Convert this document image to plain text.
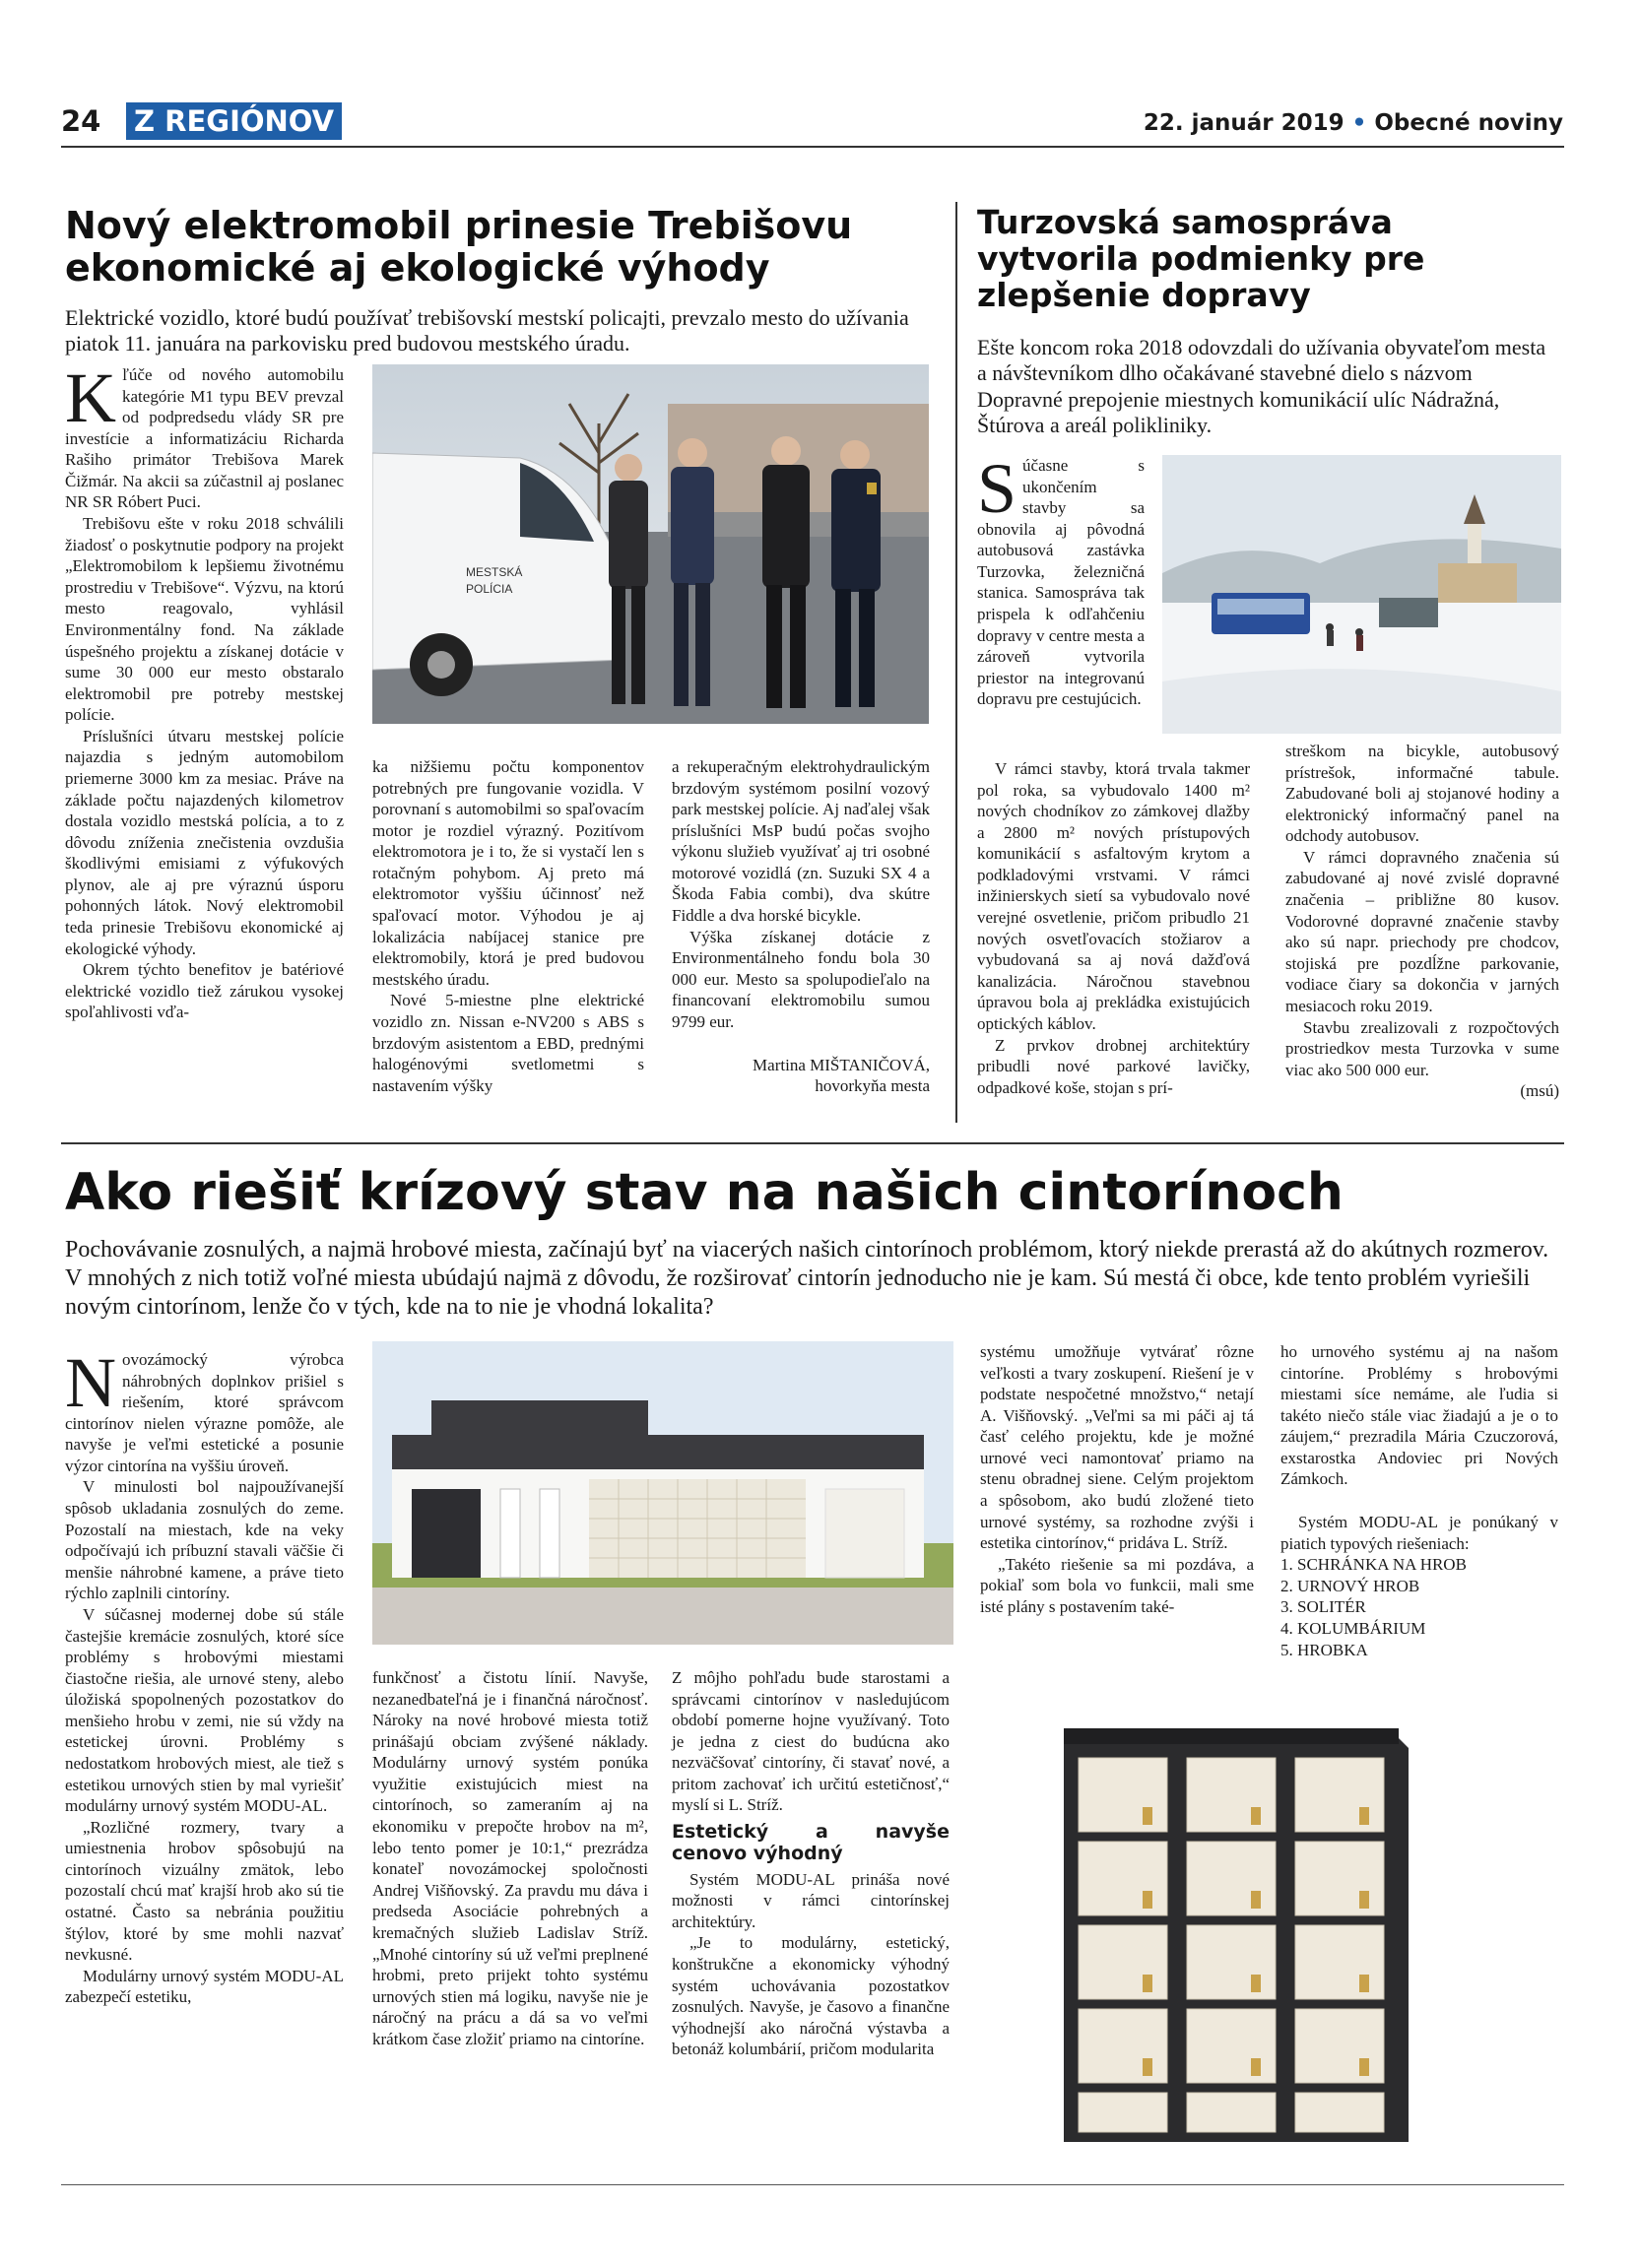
24 Z REGIÓNOV	22. január 2019 • Obecné noviny
Nový elektromobil prinesie Trebišovu ekonomické aj ekologické výhody
Elektrické vozidlo, ktoré budú používať trebišovskí mestskí policajti, prevzalo mesto do užívania piatok 11. januára na parkovisku pred budovou mestského úradu.

Kľúče od nového automobilu kategórie M1 typu BEV prevzal od podpredsedu vlády SR pre investície a informatizáciu Richarda Rašiho primátor Trebišova Marek Čižmár. Na akcii sa zúčastnil aj poslanec NR SR Róbert Puci.

Trebišovu ešte v roku 2018 schválili žiadosť o poskytnutie podpory na projekt „Elektromobilom k lepšiemu životnému prostrediu v Trebišove“. Výzvu, na ktorú mesto reagovalo, vyhlásil Environmentálny fond. Na základe úspešného projektu a získanej dotácie v sume 30 000 eur mesto obstaralo elektromobil pre potreby mestskej polície.

Príslušníci útvaru mestskej polície najazdia s jedným automobilom priemerne 3000 km za mesiac. Práve na základe počtu najazdených kilometrov dostala vozidlo mestská polícia, a to z dôvodu zníženia znečistenia ovzdušia škodlivými emisiami z výfukových plynov, ale aj pre výraznú úsporu pohonných látok. Nový elektromobil teda prinesie Trebišovu ekonomické aj ekologické výhody.

Okrem týchto benefitov je batériové elektrické vozidlo tiež zárukou vysokej spoľahlivosti vďa-

MESTSKÁ
POLÍCIA

ka nižšiemu počtu komponentov potrebných pre fungovanie vozidla. V porovnaní s automobilmi so spaľovacím motor je rozdiel výrazný. Pozitívom elektromotora je i to, že si vystačí len s rotačným pohybom. Aj preto má elektromotor vyššiu účinnosť než spaľovací motor. Výhodou je aj lokalizácia nabíjacej stanice pre elektromobily, ktorá je pred budovou mestského úradu.

Nové 5-miestne plne elektrické vozidlo zn. Nissan e-NV200 s ABS s brzdovým asistentom a EBD, prednými halogénovými svetlometmi s nastavením výšky

a rekuperačným elektrohydraulickým brzdovým systémom posilní vozový park mestskej polície. Aj naďalej však príslušníci MsP budú počas svojho výkonu služieb využívať aj tri osobné motorové vozidlá (zn. Suzuki SX 4 a Škoda Fabia combi), dva skútre Fiddle a dva horské bicykle.

Výška získanej dotácie z Environmentálneho fondu bola 30 000 eur. Mesto sa spolupodieľalo na financovaní elektromobilu sumou 9799 eur.

Martina MIŠTANIČOVÁ,

hovorkyňa mesta

Turzovská samospráva vytvorila podmienky pre zlepšenie dopravy
Ešte koncom roka 2018 odovzdali do užívania obyvateľom mesta a návštevníkom dlho očakávané stavebné dielo s názvom Dopravné prepojenie miestnych komunikácií ulíc Nádražná, Štúrova a areál polikliniky.

Súčasne s ukončením stavby sa obnovila aj pôvodná autobusová zastávka Turzovka, železničná stanica. Samospráva tak prispela k odľahčeniu dopravy v centre mesta a zároveň vytvorila priestor na integrovanú dopravu pre cestujúcich.

V rámci stavby, ktorá trvala takmer pol roka, sa vybudovalo 1400 m² nových chodníkov zo zámkovej dlažby a 2800 m² nových prístupových komunikácií s asfaltovým krytom a podkladovými vrstvami. V rámci inžinierskych sietí sa vybudovalo nové verejné osvetlenie, pričom pribudlo 21 nových osvetľovacích stožiarov a vybudovaná sa aj nová dažďová kanalizácia. Náročnou stavebnou úpravou bola aj prekládka existujúcich optických káblov.

Z prvkov drobnej architektúry pribudli nové parkové lavičky, odpadkové koše, stojan s prí-

streškom na bicykle, autobusový prístrešok, informačné tabule. Zabudované boli aj stojanové hodiny a elektronický informačný panel na odchody autobusov.

V rámci dopravného značenia sú zabudované aj nové zvislé dopravné značenia – približne 80 kusov. Vodorovné dopravné značenie stavby ako sú napr. priechody pre chodcov, stojiská pre pozdĺžne parkovanie, vodiace čiary sa dokončia v jarných mesiacoch roku 2019.

Stavbu zrealizovali z rozpočtových prostriedkov mesta Turzovka v sume viac ako 500 000 eur.

(msú)

Ako riešiť krízový stav na našich cintorínoch
Pochovávanie zosnulých, a najmä hrobové miesta, začínajú byť na viacerých našich cintorínoch problémom, ktorý niekde prerastá až do akútnych rozmerov. V mnohých z nich totiž voľné miesta ubúdajú najmä z dôvodu, že rozširovať cintorín jednoducho nie je kam. Sú mestá či obce, kde tento problém vyriešili novým cintorínom, lenže čo v tých, kde na to nie je vhodná lokalita?

Novozámocký výrobca náhrobných doplnkov prišiel s riešením, ktoré správcom cintorínov nielen výrazne pomôže, ale navyše je veľmi estetické a posunie výzor cintorína na vyššiu úroveň.

V minulosti bol najpoužívanejší spôsob ukladania zosnulých do zeme. Pozostalí na miestach, kde na veky odpočívajú ich príbuzní stavali väčšie či menšie náhrobné kamene, a práve tieto rýchlo zaplnili cintoríny.

V súčasnej modernej dobe sú stále častejšie kremácie zosnulých, ktoré síce problémy s hrobovými miestami čiastočne riešia, ale urnové steny, alebo úložiská spopolnených pozostatkov do menšieho hrobu v zemi, nie sú vždy na estetickej úrovni. Problémy s nedostatkom hrobových miest, ale tiež s estetikou urnových stien by mal vyriešiť modulárny urnový systém MODU-AL.

„Rozličné rozmery, tvary a umiestnenia hrobov spôsobujú na cintorínoch vizuálny zmätok, lebo pozostalí chcú mať krajší hrob ako sú tie ostatné. Často sa nebránia použitiu štýlov, ktoré by sme mohli nazvať nevkusné.

Modulárny urnový systém MODU-AL zabezpečí estetiku,

funkčnosť a čistotu línií. Navyše, nezanedbateľná je i finančná náročnosť. Nároky na nové hrobové miesta totiž prinášajú obciam zvýšené náklady. Modulárny urnový systém ponúka využitie existujúcich miest na cintorínoch, so zameraním aj na ekonomiku v prepočte hrobov na m², lebo tento pomer je 10:1,“ prezrádza konateľ novozámockej spoločnosti Andrej Višňovský. Za pravdu mu dáva i predseda Asociácie pohrebných a kremačných služieb Ladislav Stríž. „Mnohé cintoríny sú už veľmi preplnené hrobmi, preto prijekt tohto systému urnových stien má logiku, navyše nie je náročný na prácu a dá sa vo veľmi krátkom čase zložiť priamo na cintoríne.

Z môjho pohľadu bude starostami a správcami cintorínov v nasledujúcom období pomerne hojne využívaný. Toto je jedna z ciest do budúcna ako nezväčšovať cintoríny, či stavať nové, a pritom zachovať ich určitú estetičnosť,“ myslí si L. Stríž.

Estetický a navyše cenovo výhodný

Systém MODU-AL prináša nové možnosti v rámci cintorínskej architektúry.

„Je to modulárny, estetický, konštrukčne a ekonomicky výhodný systém uchovávania pozostatkov zosnulých. Navyše, je časovo a finančne výhodnejší ako náročná výstavba a betonáž kolumbárií, pričom modularita

systému umožňuje vytvárať rôzne veľkosti a tvary zoskupení. Riešení je v podstate nespočetné množstvo,“ netají A. Višňovský. „Veľmi sa mi páči aj tá časť celého projektu, kde je možné urnové veci namontovať priamo na stenu obradnej siene. Celým projektom a spôsobom, ako budú zložené tieto urnové systémy, sa rozhodne zvýši i estetika cintorínov,“ pridáva L. Stríž.

„Takéto riešenie sa mi pozdáva, a pokiaľ som bola vo funkcii, mali sme isté plány s postavením také-

ho urnového systému aj na našom cintoríne. Problémy s hrobovými miestami síce nemáme, ale ľudia si takéto niečo stále viac žiadajú a je o to záujem,“ prezradila Mária Czuczorová, exstarostka Andoviec pri Nových Zámkoch.

Systém MODU-AL je ponúkaný v piatich typových riešeniach:

1. SCHRÁNKA NA HROB

2. URNOVÝ HROB

3. SOLITÉR

4. KOLUMBÁRIUM

5. HROBKA
